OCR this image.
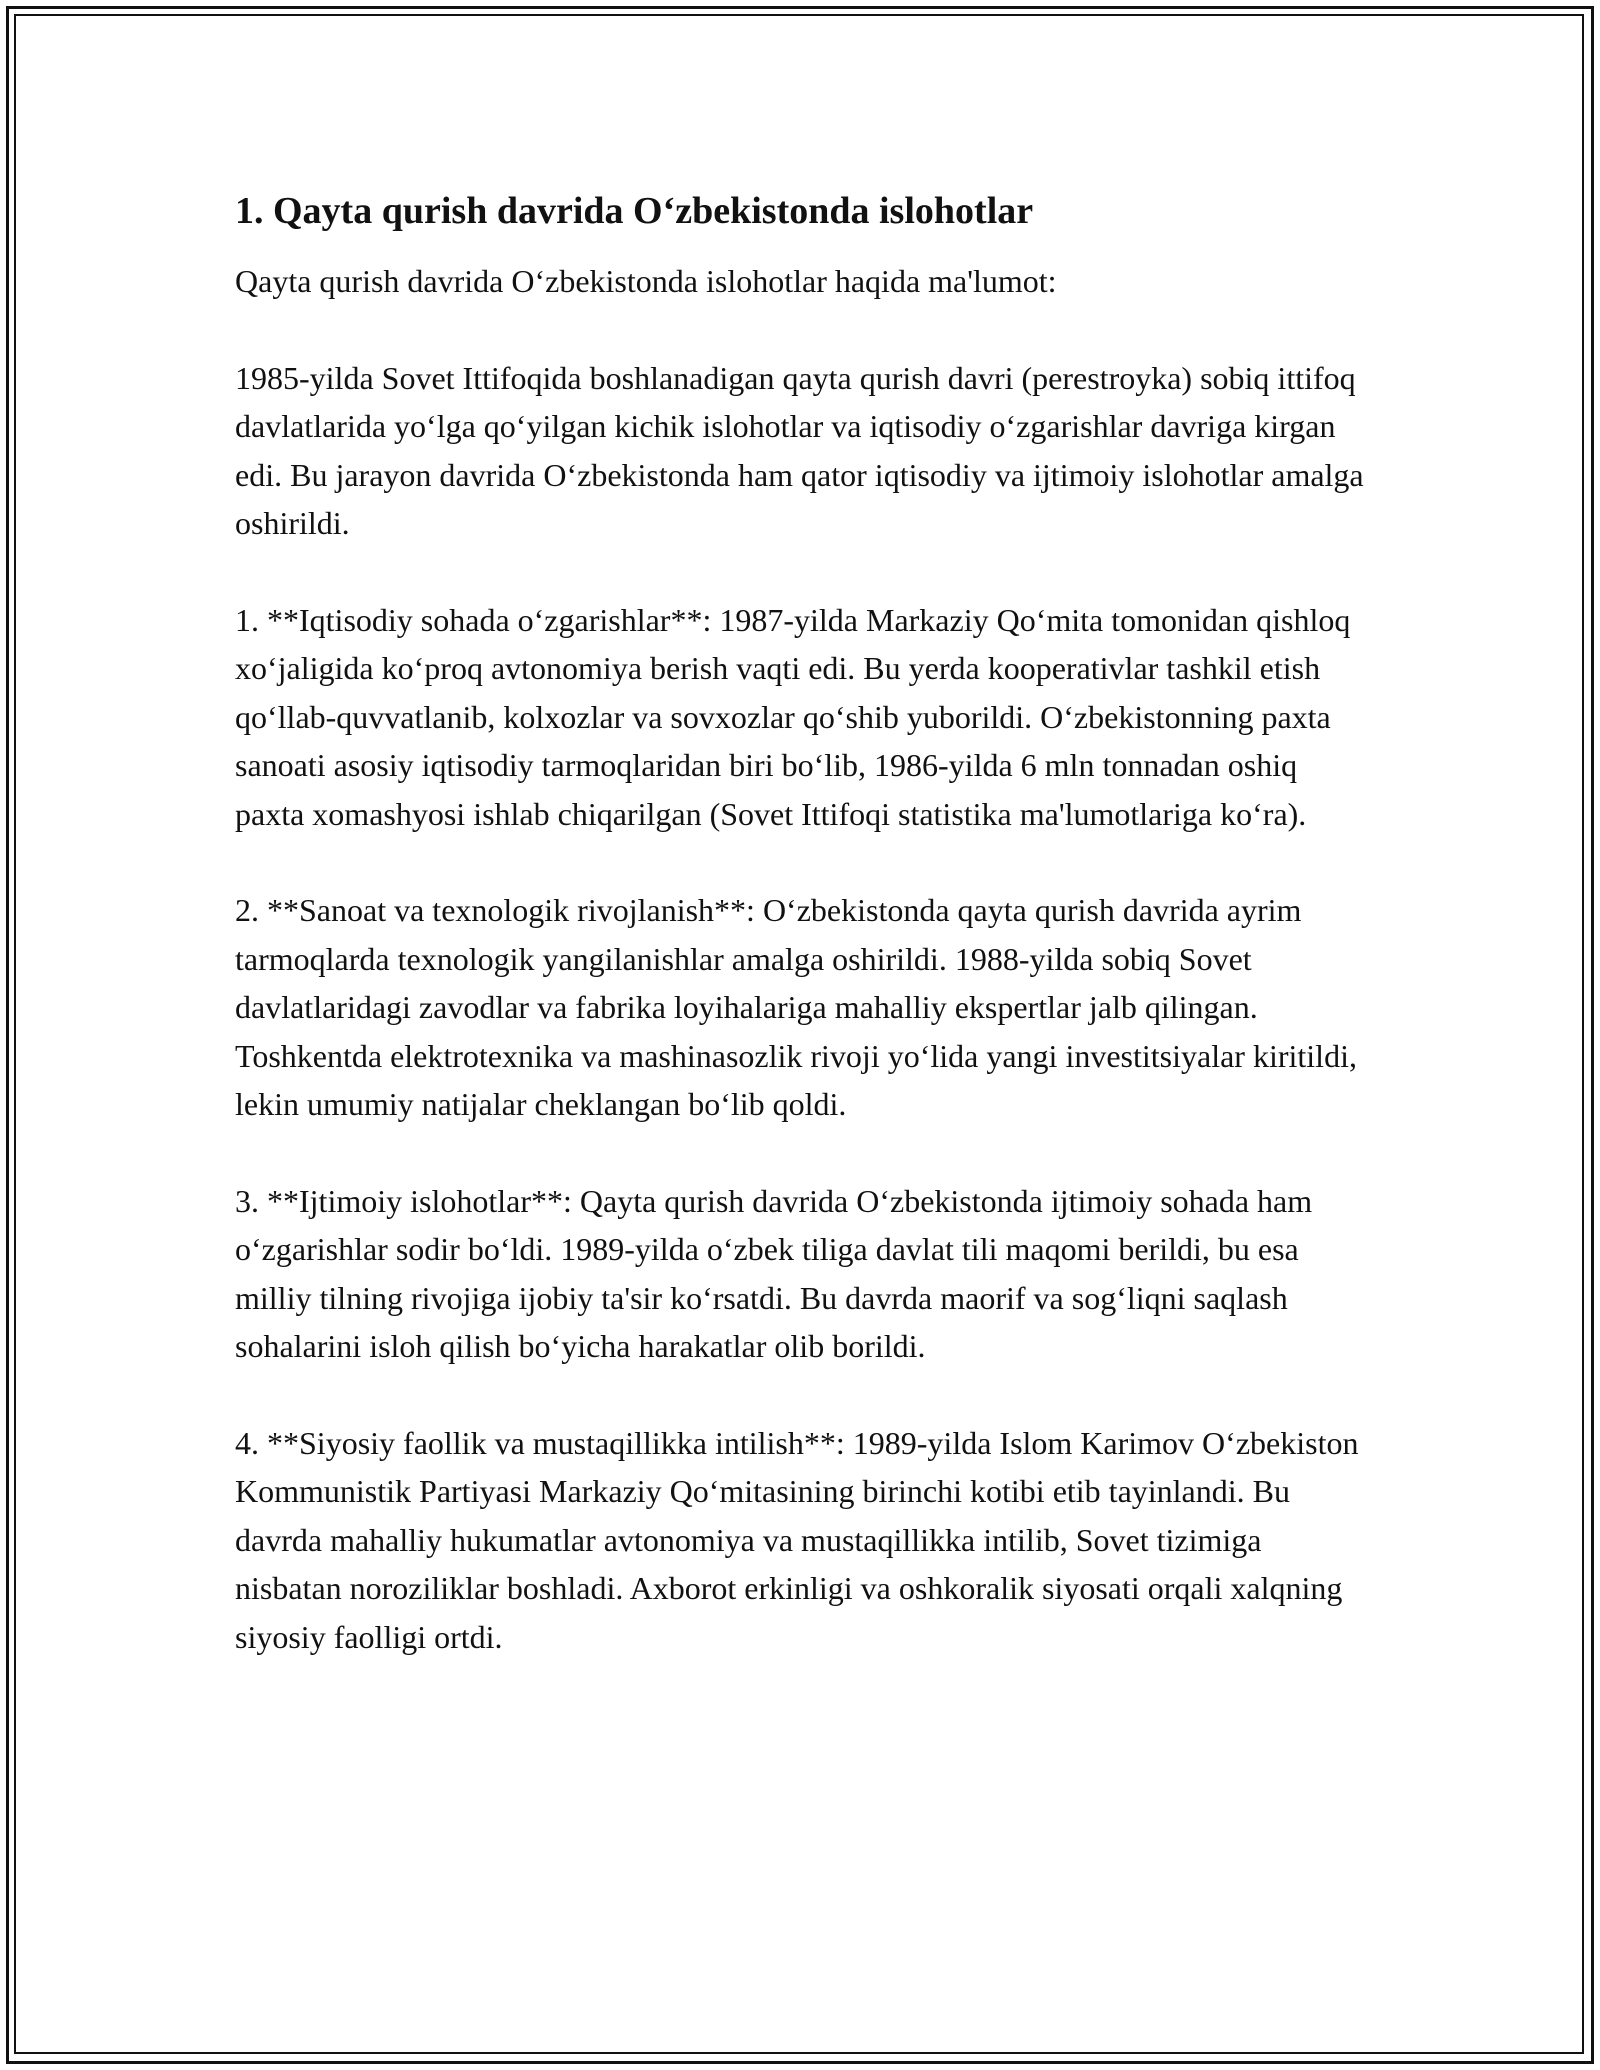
1. Qayta qurish davrida O‘zbekistonda islohotlar

Qayta qurish davrida O‘zbekistonda islohotlar haqida ma'lumot:

1985-yilda Sovet Ittifoqida boshlanadigan qayta qurish davri (perestroyka) sobiq ittifoq davlatlarida yo‘lga qo‘yilgan kichik islohotlar va iqtisodiy o‘zgarishlar davriga kirgan edi. Bu jarayon davrida O‘zbekistonda ham qator iqtisodiy va ijtimoiy islohotlar amalga oshirildi.

1. **Iqtisodiy sohada o‘zgarishlar**: 1987-yilda Markaziy Qo‘mita tomonidan qishloq xo‘jaligida ko‘proq avtonomiya berish vaqti edi. Bu yerda kooperativlar tashkil etish qo‘llab-quvvatlanib, kolxozlar va sovxozlar qo‘shib yuborildi. O‘zbekistonning paxta sanoati asosiy iqtisodiy tarmoqlaridan biri bo‘lib, 1986-yilda 6 mln tonnadan oshiq paxta xomashyosi ishlab chiqarilgan (Sovet Ittifoqi statistika ma'lumotlariga ko‘ra).

2. **Sanoat va texnologik rivojlanish**: O‘zbekistonda qayta qurish davrida ayrim tarmoqlarda texnologik yangilanishlar amalga oshirildi. 1988-yilda sobiq Sovet davlatlaridagi zavodlar va fabrika loyihalariga mahalliy ekspertlar jalb qilingan. Toshkentda elektrotexnika va mashinasozlik rivoji yo‘lida yangi investitsiyalar kiritildi, lekin umumiy natijalar cheklangan bo‘lib qoldi.

3. **Ijtimoiy islohotlar**: Qayta qurish davrida O‘zbekistonda ijtimoiy sohada ham o‘zgarishlar sodir bo‘ldi. 1989-yilda o‘zbek tiliga davlat tili maqomi berildi, bu esa milliy tilning rivojiga ijobiy ta'sir ko‘rsatdi. Bu davrda maorif va sog‘liqni saqlash sohalarini isloh qilish bo‘yicha harakatlar olib borildi.

4. **Siyosiy faollik va mustaqillikka intilish**: 1989-yilda Islom Karimov O‘zbekiston Kommunistik Partiyasi Markaziy Qo‘mitasining birinchi kotibi etib tayinlandi. Bu davrda mahalliy hukumatlar avtonomiya va mustaqillikka intilib, Sovet tizimiga nisbatan noroziliklar boshladi. Axborot erkinligi va oshkoralik siyosati orqali xalqning siyosiy faolligi ortdi.
